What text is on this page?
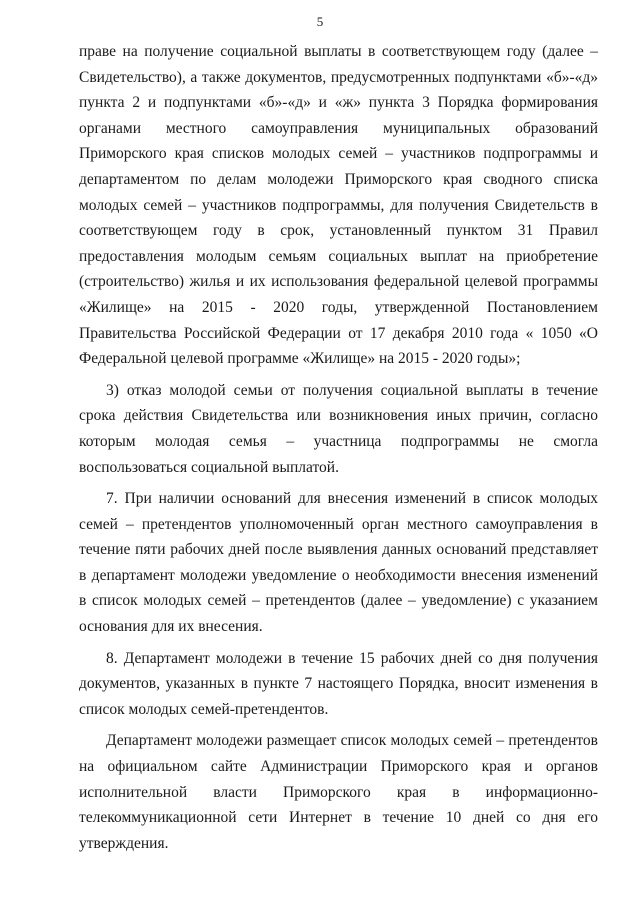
5

праве на получение социальной выплаты в соответствующем году (далее – Свидетельство), а также документов, предусмотренных подпунктами «б»-«д» пункта 2 и подпунктами «б»-«д» и «ж» пункта 3 Порядка формирования органами местного самоуправления муниципальных образований Приморского края списков молодых семей – участников подпрограммы и департаментом по делам молодежи Приморского края сводного списка молодых семей – участников подпрограммы, для получения Свидетельств в соответствующем году в срок, установленный пунктом 31 Правил предоставления молодым семьям социальных выплат на приобретение (строительство) жилья и их использования федеральной целевой программы «Жилище» на 2015 - 2020 годы, утвержденной Постановлением Правительства Российской Федерации от 17 декабря 2010 года « 1050 «О Федеральной целевой программе «Жилище» на 2015 - 2020 годы»;

3) отказ молодой семьи от получения социальной выплаты в течение срока действия Свидетельства или возникновения иных причин, согласно которым молодая семья – участница подпрограммы не смогла воспользоваться социальной выплатой.

7. При наличии оснований для внесения изменений в список молодых семей – претендентов уполномоченный орган местного самоуправления в течение пяти рабочих дней после выявления данных оснований представляет в департамент молодежи уведомление о необходимости внесения изменений в список молодых семей – претендентов (далее – уведомление) с указанием основания для их внесения.

8. Департамент молодежи в течение 15 рабочих дней со дня получения документов, указанных в пункте 7 настоящего Порядка, вносит изменения в список молодых семей-претендентов.

Департамент молодежи размещает список молодых семей – претендентов на официальном сайте Администрации Приморского края и органов исполнительной власти Приморского края в информационно-телекоммуникационной сети Интернет в течение 10 дней со дня его утверждения.
